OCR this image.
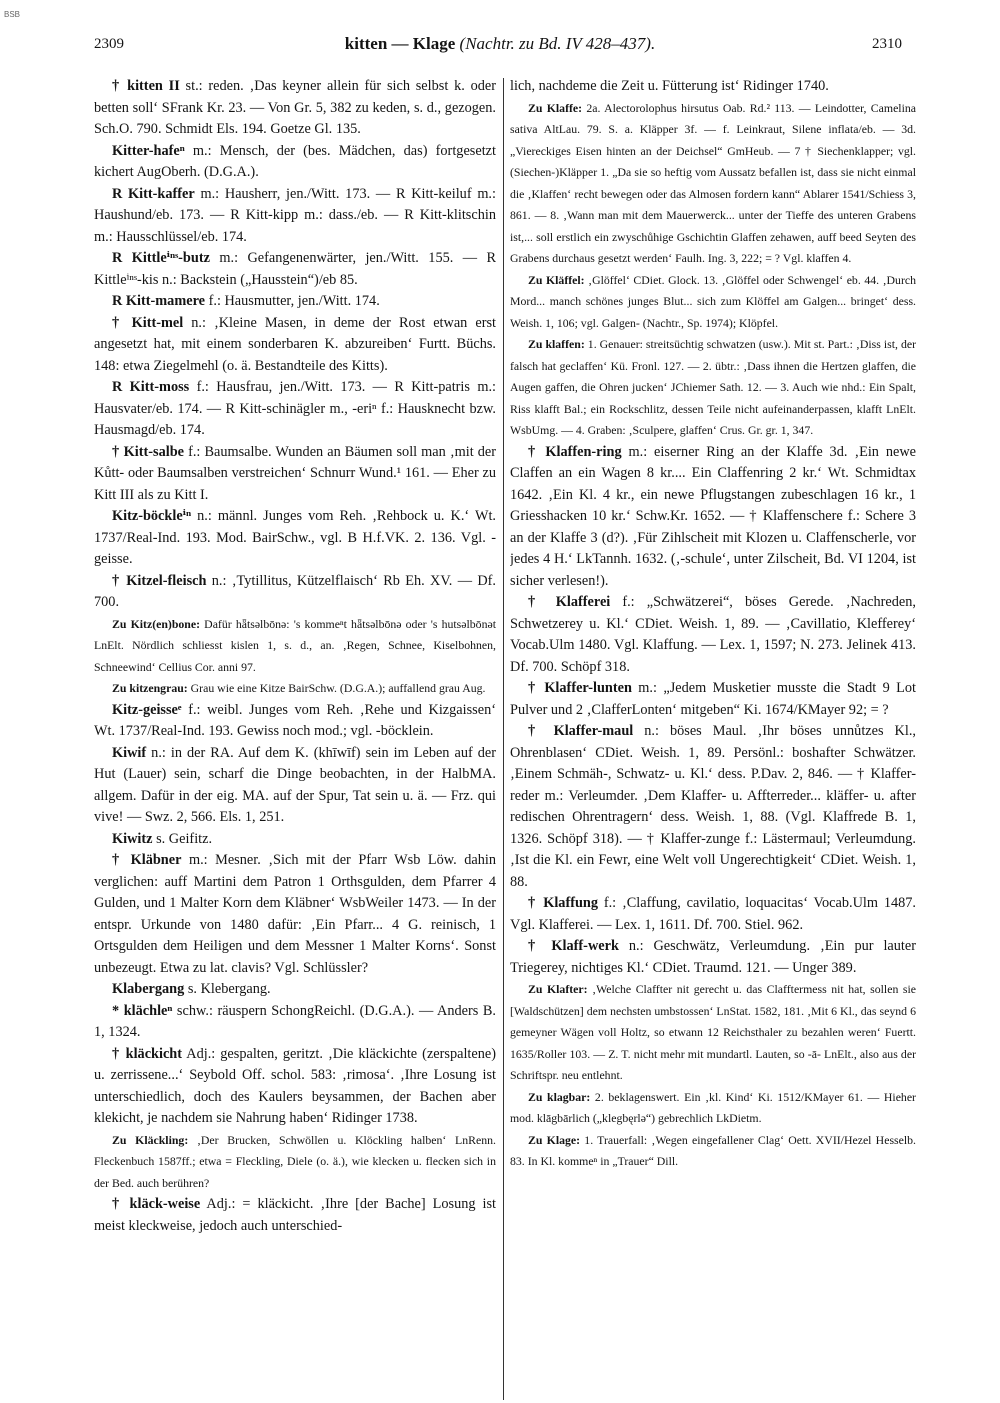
BSB
2309	kitten — Klage (Nachtr. zu Bd. IV 428–437).	2310

† kitten II st.: reden. ‚Das keyner allein für sich selbst k. oder betten soll‘ SFrank Kr. 23. — Von Gr. 5, 382 zu keden, s. d., gezogen. Sch.O. 790. Schmidt Els. 194. Goetze Gl. 135.

Kitter-hafeⁿ m.: Mensch, der (bes. Mädchen, das) fortgesetzt kichert AugOberh. (D.G.A.).

R Kitt-kaffer m.: Hausherr, jen./Witt. 173. — R Kitt-keiluf m.: Haushund/eb. 173. — R Kitt-kipp m.: dass./eb. — R Kitt-klitschin m.: Hausschlüssel/eb. 174.

R Kittleⁱⁿˢ-butz m.: Gefangenenwärter, jen./Witt. 155. — R Kittleⁱⁿˢ-kis n.: Backstein („Hausstein“)/eb 85.

R Kitt-mamere f.: Hausmutter, jen./Witt. 174.

† Kitt-mel n.: ‚Kleine Masen, in deme der Rost etwan erst angesetzt hat, mit einem sonderbaren K. abzureiben‘ Furtt. Büchs. 148: etwa Ziegelmehl (o. ä. Bestandteile des Kitts).

R Kitt-moss f.: Hausfrau, jen./Witt. 173. — R Kitt-patris m.: Hausvater/eb. 174. — R Kitt-schinägler m., -eriⁿ f.: Hausknecht bzw. Hausmagd/eb. 174.

† Kitt-salbe f.: Baumsalbe. Wunden an Bäumen soll man ‚mit der Kůtt- oder Baumsalben verstreichen‘ Schnurr Wund.¹ 161. — Eher zu Kitt III als zu Kitt I.

Kitz-böckleⁱⁿ n.: männl. Junges vom Reh. ‚Rehbock u. K.‘ Wt. 1737/Real-Ind. 193. Mod. BairSchw., vgl. B H.f.VK. 2. 136. Vgl. -geisse.

† Kitzel-fleisch n.: ‚Tytillitus, Kützelflaisch‘ Rb Eh. XV. — Df. 700.

Zu Kitz(en)bone: Dafür hǟtsəlbōnə: 's kommeⁿt hǟtsəlbōnə oder 's hutsəlbōnət LnElt. Nördlich schliesst kislen 1, s. d., an. ‚Regen, Schnee, Kiselbohnen, Schneewind‘ Cellius Cor. anni 97.

Zu kitzengrau: Grau wie eine Kitze BairSchw. (D.G.A.); auffallend grau Aug.

Kitz-geisseᵉ f.: weibl. Junges vom Reh. ‚Rehe und Kizgaissen‘ Wt. 1737/Real-Ind. 193. Gewiss noch mod.; vgl. -böcklein.

Kiwif n.: in der RA. Auf dem K. (khīwīf) sein im Leben auf der Hut (Lauer) sein, scharf die Dinge beobachten, in der HalbMA. allgem. Dafür in der eig. MA. auf der Spur, Tat sein u. ä. — Frz. qui vive! — Swz. 2, 566. Els. 1, 251.

Kiwitz s. Geifitz.

† Kläbner m.: Mesner. ‚Sich mit der Pfarr Wsb Löw. dahin verglichen: auff Martini dem Patron 1 Orthsgulden, dem Pfarrer 4 Gulden, und 1 Malter Korn dem Kläbner‘ WsbWeiler 1473. — In der entspr. Urkunde von 1480 dafür: ‚Ein Pfarr... 4 G. reinisch, 1 Ortsgulden dem Heiligen und dem Messner 1 Malter Korns‘. Sonst unbezeugt. Etwa zu lat. clavis? Vgl. Schlüssler?

Klabergang s. Klebergang.

* klächleⁿ schw.: räuspern SchongReichl. (D.G.A.). — Anders B. 1, 1324.

† kläckicht Adj.: gespalten, geritzt. ‚Die kläckichte (zerspaltene) u. zerrissene...‘ Seybold Off. schol. 583: ‚rimosa‘. ‚Ihre Losung ist unterschiedlich, doch des Kaulers beysammen, der Bachen aber klekicht, je nachdem sie Nahrung haben‘ Ridinger 1738.

Zu Kläckling: ‚Der Brucken, Schwöllen u. Klöckling halben‘ LnRenn. Fleckenbuch 1587ff.; etwa = Fleckling, Diele (o. ä.), wie klecken u. flecken sich in der Bed. auch berühren?

† kläck-weise Adj.: = kläckicht. ‚Ihre [der Bache] Losung ist meist kleckweise, jedoch auch unterschied-

lich, nachdeme die Zeit u. Fütterung ist‘ Ridinger 1740.

Zu Klaffe: 2a. Alectorolophus hirsutus Oab. Rd.² 113. — Leindotter, Camelina sativa AltLau. 79. S. a. Kläpper 3f. — f. Leinkraut, Silene inflata/eb. — 3d. „Viereckiges Eisen hinten an der Deichsel“ GmHeub. — 7 † Siechenklapper; vgl. (Siechen-)Kläpper 1. „Da sie so heftig vom Aussatz befallen ist, dass sie nicht einmal die ‚Klaffen‘ recht bewegen oder das Almosen fordern kann“ Ablarer 1541/Schiess 3, 861. — 8. ‚Wann man mit dem Mauerwerck... unter der Tieffe des unteren Grabens ist,... soll erstlich ein zwyschůhige Gschichtin Glaffen zehawen, auff beed Seyten des Grabens durchaus gesetzt werden‘ Faulh. Ing. 3, 222; = ? Vgl. klaffen 4.

Zu Kläffel: ‚Glöffel‘ CDiet. Glock. 13. ‚Glöffel oder Schwengel‘ eb. 44. ‚Durch Mord... manch schönes junges Blut... sich zum Klöffel am Galgen... bringet‘ dess. Weish. 1, 106; vgl. Galgen- (Nachtr., Sp. 1974); Klöpfel.

Zu klaffen: 1. Genauer: streitsüchtig schwatzen (usw.). Mit st. Part.: ‚Diss ist, der falsch hat geclaffen‘ Kü. Fronl. 127. — 2. übtr.: ‚Dass ihnen die Hertzen glaffen, die Augen gaffen, die Ohren jucken‘ JChiemer Sath. 12. — 3. Auch wie nhd.: Ein Spalt, Riss klafft Bal.; ein Rockschlitz, dessen Teile nicht aufeinanderpassen, klafft LnElt. WsbUmg. — 4. Graben: ‚Sculpere, glaffen‘ Crus. Gr. gr. 1, 347.

† Klaffen-ring m.: eiserner Ring an der Klaffe 3d. ‚Ein newe Claffen an ein Wagen 8 kr.... Ein Claffenring 2 kr.‘ Wt. Schmidtax 1642. ‚Ein Kl. 4 kr., ein newe Pflugstangen zubeschlagen 16 kr., 1 Griesshacken 10 kr.‘ Schw.Kr. 1652. — † Klaffenschere f.: Schere 3 an der Klaffe 3 (d?). ‚Für Zihlscheit mit Klozen u. Claffenscherle, vor jedes 4 H.‘ LkTannh. 1632. (‚-schule‘, unter Zilscheit, Bd. VI 1204, ist sicher verlesen!).

† Klafferei f.: „Schwätzerei“, böses Gerede. ‚Nachreden, Schwetzerey u. Kl.‘ CDiet. Weish. 1, 89. — ‚Cavillatio, Klefferey‘ Vocab.Ulm 1480. Vgl. Klaffung. — Lex. 1, 1597; N. 273. Jelinek 413. Df. 700. Schöpf 318.

† Klaffer-lunten m.: „Jedem Musketier musste die Stadt 9 Lot Pulver und 2 ‚ClafferLonten‘ mitgeben“ Ki. 1674/KMayer 92; = ?

† Klaffer-maul n.: böses Maul. ‚Ihr böses unnůtzes Kl., Ohrenblasen‘ CDiet. Weish. 1, 89. Persönl.: boshafter Schwätzer. ‚Einem Schmäh-, Schwatz- u. Kl.‘ dess. P.Dav. 2, 846. — † Klaffer-reder m.: Verleumder. ‚Dem Klaffer- u. Affterreder... kläffer- u. after redischen Ohrentragern‘ dess. Weish. 1, 88. (Vgl. Klaffrede B. 1, 1326. Schöpf 318). — † Klaffer-zunge f.: Lästermaul; Verleumdung. ‚Ist die Kl. ein Fewr, eine Welt voll Ungerechtigkeit‘ CDiet. Weish. 1, 88.

† Klaffung f.: ‚Claffung, cavilatio, loquacitas‘ Vocab.Ulm 1487. Vgl. Klafferei. — Lex. 1, 1611. Df. 700. Stiel. 962.

† Klaff-werk n.: Geschwätz, Verleumdung. ‚Ein pur lauter Triegerey, nichtiges Kl.‘ CDiet. Traumd. 121. — Unger 389.

Zu Klafter: ‚Welche Claffter nit gerecht u. das Clafftermess nit hat, sollen sie [Waldschützen] dem nechsten umbstossen‘ LnStat. 1582, 181. ‚Mit 6 Kl., das seynd 6 gemeyner Wägen voll Holtz, so etwann 12 Reichsthaler zu bezahlen weren‘ Fuertt. 1635/Roller 103. — Z. T. nicht mehr mit mundartl. Lauten, so -ā- LnElt., also aus der Schriftspr. neu entlehnt.

Zu klagbar: 2. beklagenswert. Ein ‚kl. Kind‘ Ki. 1512/KMayer 61. — Hieher mod. klāgbārlich („klegbęrlə“) gebrechlich LkDietm.

Zu Klage: 1. Trauerfall: ‚Wegen eingefallener Clag‘ Oett. XVII/Hezel Hesselb. 83. In Kl. kommeⁿ in „Trauer“ Dill.
